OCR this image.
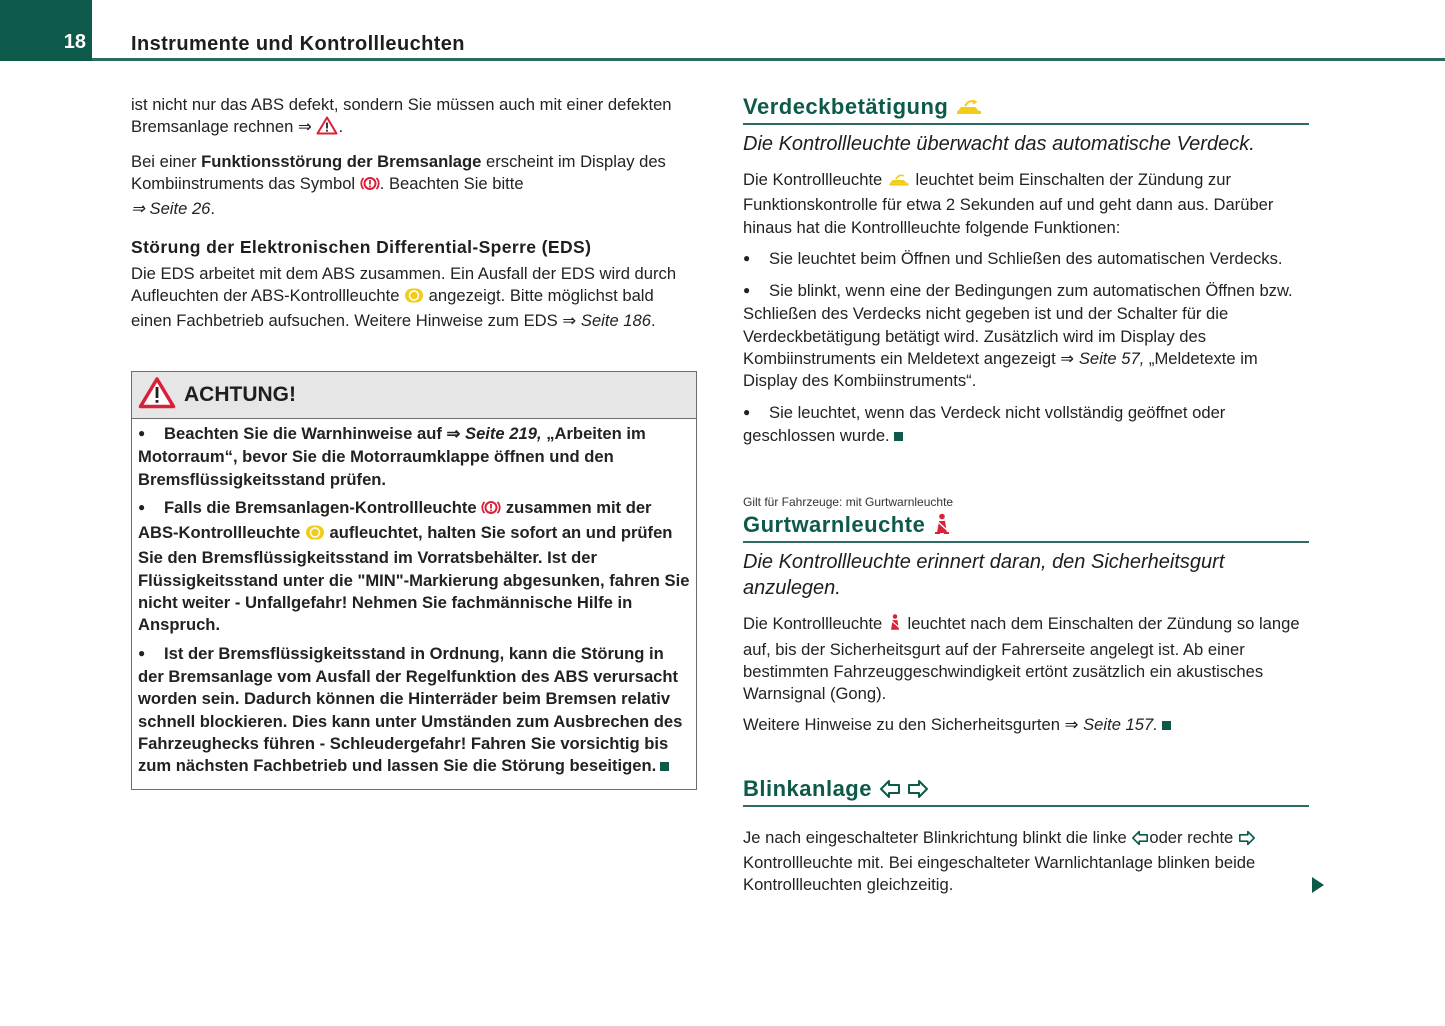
18 Instrumente und Kontrollleuchten

ist nicht nur das ABS defekt, sondern Sie müssen auch mit einer defekten Bremsanlage rechnen ⇒ .

Bei einer Funktionsstörung der Bremsanlage erscheint im Display des Kombiinstruments das Symbol . Beachten Sie bitte
⇒ Seite 26.

Störung der Elektronischen Differential-Sperre (EDS)

Die EDS arbeitet mit dem ABS zusammen. Ein Ausfall der EDS wird durch Aufleuchten der ABS-Kontrollleuchte  angezeigt. Bitte möglichst bald einen Fachbetrieb aufsuchen. Weitere Hinweise zum EDS ⇒ Seite 186.

ACHTUNG!

●Beachten Sie die Warnhinweise auf ⇒ Seite 219, „Arbeiten im Motorraum“, bevor Sie die Motorraumklappe öffnen und den Bremsflüssigkeitsstand prüfen.

●Falls die Bremsanlagen-Kontrollleuchte  zusammen mit der ABS-Kontrollleuchte  aufleuchtet, halten Sie sofort an und prüfen Sie den Bremsflüssigkeitsstand im Vorratsbehälter. Ist der Flüssigkeitsstand unter die "MIN"-Markierung abgesunken, fahren Sie nicht weiter - Unfallgefahr! Nehmen Sie fachmännische Hilfe in Anspruch.

●Ist der Bremsflüssigkeitsstand in Ordnung, kann die Störung in der Bremsanlage vom Ausfall der Regelfunktion des ABS verursacht worden sein. Dadurch können die Hinterräder beim Bremsen relativ schnell blockieren. Dies kann unter Umständen zum Ausbrechen des Fahrzeughecks führen - Schleudergefahr! Fahren Sie vorsichtig bis zum nächsten Fachbetrieb und lassen Sie die Störung beseitigen.

Verdeckbetätigung

Die Kontrollleuchte überwacht das automatische Verdeck.

Die Kontrollleuchte  leuchtet beim Einschalten der Zündung zur Funktionskontrolle für etwa 2 Sekunden auf und geht dann aus. Darüber hinaus hat die Kontrollleuchte folgende Funktionen:

●Sie leuchtet beim Öffnen und Schließen des automatischen Verdecks.

●Sie blinkt, wenn eine der Bedingungen zum automatischen Öffnen bzw. Schließen des Verdecks nicht gegeben ist und der Schalter für die Verdeckbetätigung betätigt wird. Zusätzlich wird im Display des Kombiinstruments ein Meldetext angezeigt ⇒ Seite 57, „Meldetexte im Display des Kombiinstruments“.

●Sie leuchtet, wenn das Verdeck nicht vollständig geöffnet oder geschlossen wurde.

Gilt für Fahrzeuge: mit Gurtwarnleuchte

Gurtwarnleuchte

Die Kontrollleuchte erinnert daran, den Sicherheitsgurt anzulegen.

Die Kontrollleuchte  leuchtet nach dem Einschalten der Zündung so lange auf, bis der Sicherheitsgurt auf der Fahrerseite angelegt ist. Ab einer bestimmten Fahrzeuggeschwindigkeit ertönt zusätzlich ein akustisches Warnsignal (Gong).

Weitere Hinweise zu den Sicherheitsgurten ⇒ Seite 157.

Blinkanlage

Je nach eingeschalteter Blinkrichtung blinkt die linke oder rechte  Kontrollleuchte mit. Bei eingeschalteter Warnlichtanlage blinken beide Kontrollleuchten gleichzeitig.
